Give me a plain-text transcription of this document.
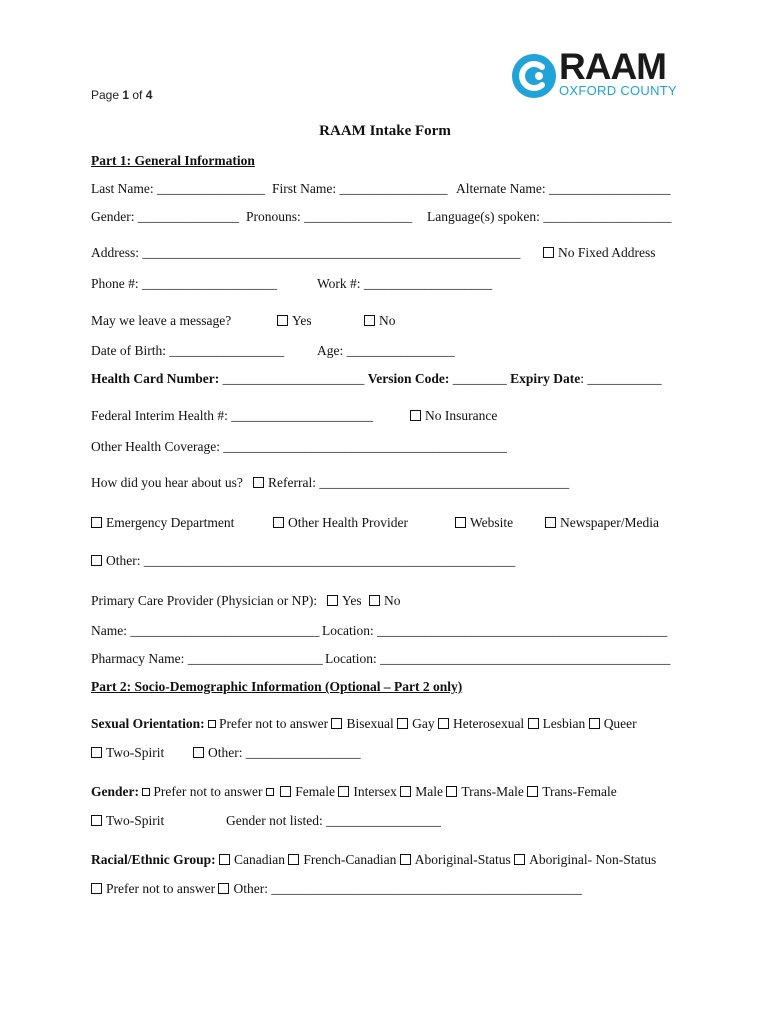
Page 1 of 4
RAAM
OXFORD COUNTY
RAAM Intake Form
Part 1: General Information
Last Name: ________________ First Name: ________________ Alternate Name: __________________
Gender: _______________ Pronouns: ________________ Language(s) spoken: ___________________
Address: ________________________________________________________	No Fixed Address
Phone #: ____________________	Work #: ___________________
May we leave a message?	Yes	No
Date of Birth: _________________ Age: ________________
Health Card Number: _____________________ Version Code: ________ Expiry Date: ___________
Federal Interim Health #: _____________________	No Insurance
Other Health Coverage: __________________________________________
How did you hear about us?	Referral: _____________________________________
Emergency Department	Other Health Provider	Website	Newspaper/Media
Other: _______________________________________________________
Primary Care Provider (Physician or NP):	Yes	No
Name: ____________________________ Location: ___________________________________________
Pharmacy Name: ____________________ Location: ___________________________________________
Part 2: Socio-Demographic Information (Optional – Part 2 only)
Sexual Orientation: Prefer not to answer Bisexual Gay Heterosexual Lesbian Queer
Two-Spirit	Other: _________________
Gender: Prefer not to answer Female Intersex Male Trans-Male Trans-Female
Two-Spirit	Gender not listed: _________________
Racial/Ethnic Group: Canadian French-Canadian Aboriginal-Status Aboriginal- Non-Status
Prefer not to answer Other: ______________________________________________
